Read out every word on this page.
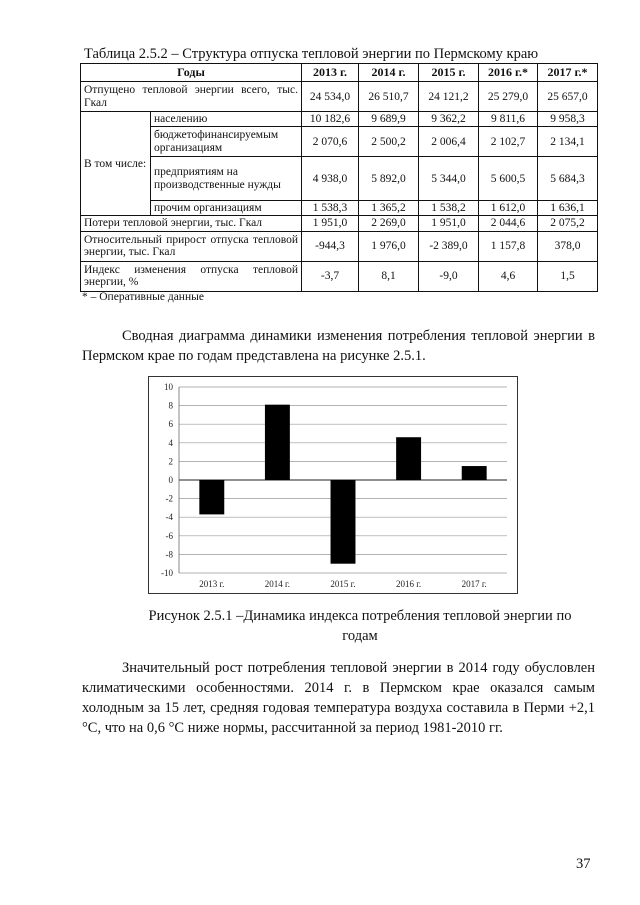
Таблица 2.5.2 – Структура отпуска тепловой энергии по Пермскому краю
Годы		2013 г.	2014 г.	2015 г.	2016 г.*	2017 г.*
Отпущено тепловой энергии всего, тыс. Гкал		24 534,0	26 510,7	24 121,2	25 279,0	25 657,0
В том числе:	населению	10 182,6	9 689,9	9 362,2	9 811,6	9 958,3
	бюджетофинансируемым организациям	2 070,6	2 500,2	2 006,4	2 102,7	2 134,1
	предприятиям на производственные нужды	4 938,0	5 892,0	5 344,0	5 600,5	5 684,3
	прочим организациям	1 538,3	1 365,2	1 538,2	1 612,0	1 636,1
Потери тепловой энергии, тыс. Гкал		1 951,0	2 269,0	1 951,0	2 044,6	2 075,2
Относительный прирост отпуска тепловой энергии, тыс. Гкал		-944,3	1 976,0	-2 389,0	1 157,8	378,0
Индекс изменения отпуска тепловой энергии, %		-3,7	8,1	-9,0	4,6	1,5
* – Оперативные данные
Сводная диаграмма динамики изменения потребления тепловой энергии в Пермском крае по годам представлена на рисунке 2.5.1.
10
8
6
4
2
0
-2
-4
-6
-8
-10
2013 г.	2014 г.	2015 г.	2016 г.	2017 г.
Рисунок 2.5.1 –Динамика индекса потребления тепловой энергии по годам
Значительный рост потребления тепловой энергии в 2014 году обусловлен климатическими особенностями. 2014 г. в Пермском крае оказался самым холодным за 15 лет, средняя годовая температура воздуха составила в Перми +2,1 °С, что на 0,6 °С ниже нормы, рассчитанной за период 1981-2010 гг.
37
